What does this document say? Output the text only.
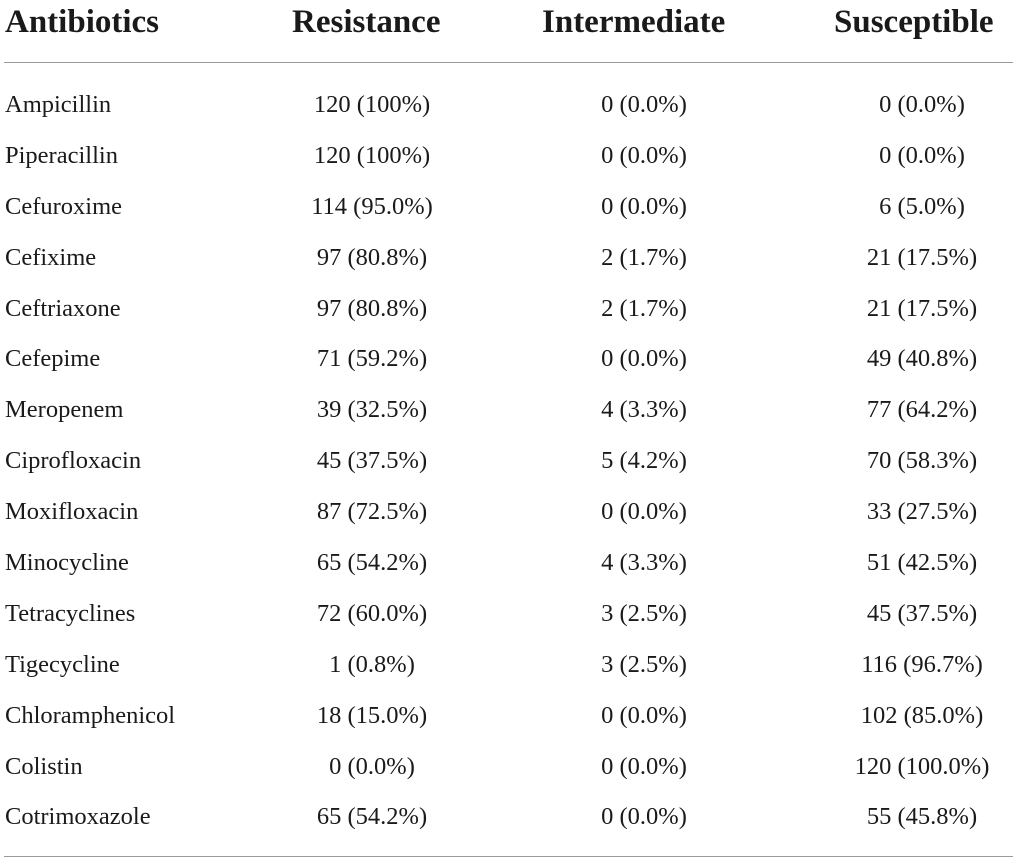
Antibiotics	Resistance	Intermediate	Susceptible
Ampicillin	120 (100%)	0 (0.0%)	0 (0.0%)
Piperacillin	120 (100%)	0 (0.0%)	0 (0.0%)
Cefuroxime	114 (95.0%)	0 (0.0%)	6 (5.0%)
Cefixime	97 (80.8%)	2 (1.7%)	21 (17.5%)
Ceftriaxone	97 (80.8%)	2 (1.7%)	21 (17.5%)
Cefepime	71 (59.2%)	0 (0.0%)	49 (40.8%)
Meropenem	39 (32.5%)	4 (3.3%)	77 (64.2%)
Ciprofloxacin	45 (37.5%)	5 (4.2%)	70 (58.3%)
Moxifloxacin	87 (72.5%)	0 (0.0%)	33 (27.5%)
Minocycline	65 (54.2%)	4 (3.3%)	51 (42.5%)
Tetracyclines	72 (60.0%)	3 (2.5%)	45 (37.5%)
Tigecycline	1 (0.8%)	3 (2.5%)	116 (96.7%)
Chloramphenicol	18 (15.0%)	0 (0.0%)	102 (85.0%)
Colistin	0 (0.0%)	0 (0.0%)	120 (100.0%)
Cotrimoxazole	65 (54.2%)	0 (0.0%)	55 (45.8%)
